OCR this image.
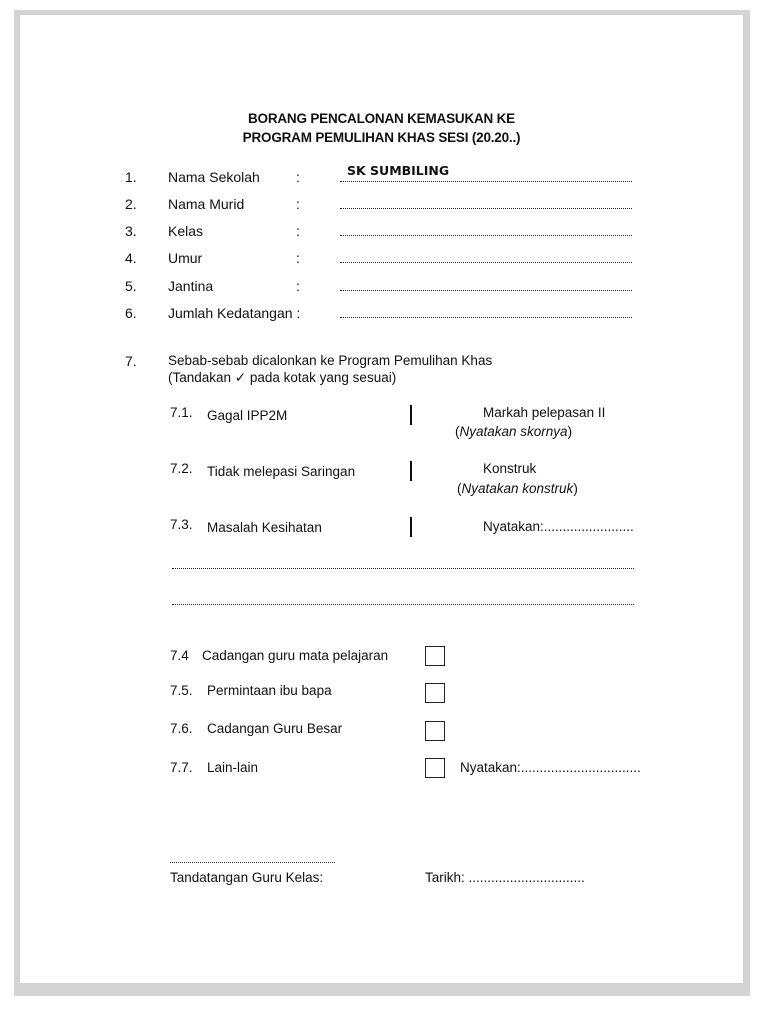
BORANG PENCALONAN KEMASUKAN KE
PROGRAM PEMULIHAN KHAS SESI (20.20..)
1. Nama Sekolah	:	SK SUMBILING
2. Nama Murid	:
3. Kelas	:
4. Umur	:
5. Jantina	:
6. Jumlah Kedatangan :
7. Sebab-sebab dicalonkan ke Program Pemulihan Khas
(Tandakan ✓ pada kotak yang sesuai)
7.1. Gagal IPP2M	Markah pelepasan II
(Nyatakan skornya)
7.2. Tidak melepasi Saringan	Konstruk
(Nyatakan konstruk)
7.3. Masalah Kesihatan	Nyatakan:........................
7.4 Cadangan guru mata pelajaran
7.5. Permintaan ibu bapa
7.6. Cadangan Guru Besar
7.7. Lain-lain	Nyatakan:................................
Tandatangan Guru Kelas:	Tarikh: ...............................
